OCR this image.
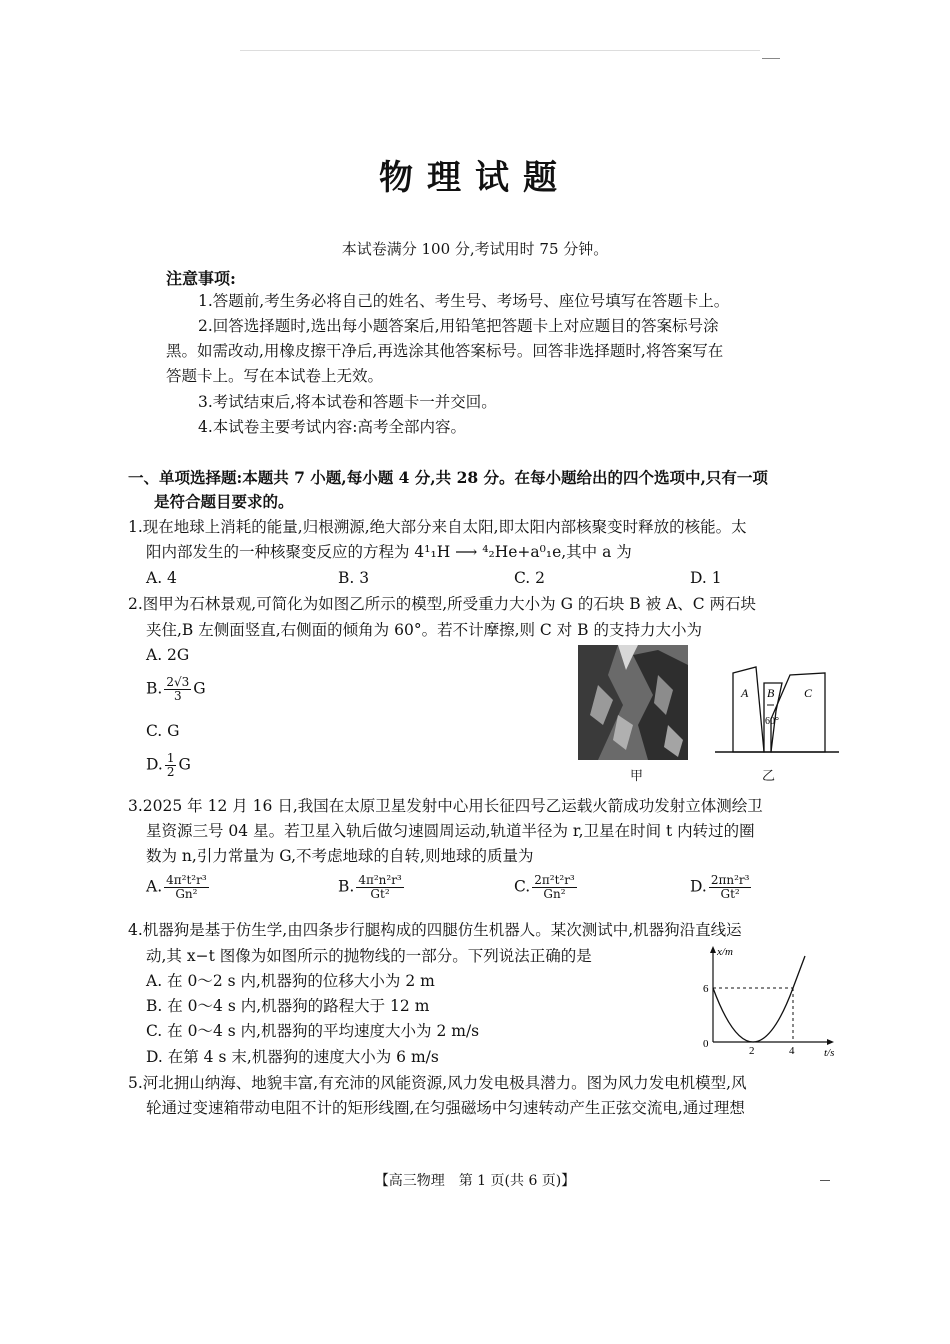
物理试题
本试卷满分 100 分,考试用时 75 分钟。
注意事项:
1.答题前,考生务必将自己的姓名、考生号、考场号、座位号填写在答题卡上。
2.回答选择题时,选出每小题答案后,用铅笔把答题卡上对应题目的答案标号涂
黑。如需改动,用橡皮擦干净后,再选涂其他答案标号。回答非选择题时,将答案写在
答题卡上。写在本试卷上无效。
3.考试结束后,将本试卷和答题卡一并交回。
4.本试卷主要考试内容:高考全部内容。
一、单项选择题:本题共 7 小题,每小题 4 分,共 28 分。在每小题给出的四个选项中,只有一项
是符合题目要求的。
1.现在地球上消耗的能量,归根溯源,绝大部分来自太阳,即太阳内部核聚变时释放的核能。太
阳内部发生的一种核聚变反应的方程为 4¹₁H ⟶ ⁴₂He+a⁰₁e,其中 a 为
A. 4	B. 3	C. 2	D. 1
2.图甲为石林景观,可简化为如图乙所示的模型,所受重力大小为 G 的石块 B 被 A、C 两石块
夹住,B 左侧面竖直,右侧面的倾角为 60°。若不计摩擦,则 C 对 B 的支持力大小为
A. 2G
B. $\frac{2√3}{3}$ G
C. G
D. $\frac{1}{2}$ G
甲
A B C
60°
乙
3.2025 年 12 月 16 日,我国在太原卫星发射中心用长征四号乙运载火箭成功发射立体测绘卫
星资源三号 04 星。若卫星入轨后做匀速圆周运动,轨道半径为 r,卫星在时间 t 内转过的圈
数为 n,引力常量为 G,不考虑地球的自转,则地球的质量为
A. $\frac{\text{4π²t²r³}}{\text{Gn²}}$	B. $\frac{\text{4π²n²r³}}{\text{Gt²}}$	C. $\frac{\text{2π²t²r³}}{\text{Gn²}}$	D. $\frac{\text{2πn²r³}}{\text{Gt²}}$
4.机器狗是基于仿生学,由四条步行腿构成的四腿仿生机器人。某次测试中,机器狗沿直线运
动,其 x−t 图像为如图所示的抛物线的一部分。下列说法正确的是
A. 在 0～2 s 内,机器狗的位移大小为 2 m
B. 在 0～4 s 内,机器狗的路程大于 12 m
C. 在 0～4 s 内,机器狗的平均速度大小为 2 m/s
D. 在第 4 s 末,机器狗的速度大小为 6 m/s
x/m
t/s
6
0
2	4
5.河北拥山纳海、地貌丰富,有充沛的风能资源,风力发电极具潜力。图为风力发电机模型,风
轮通过变速箱带动电阻不计的矩形线圈,在匀强磁场中匀速转动产生正弦交流电,通过理想
【高三物理　第 1 页(共 6 页)】
